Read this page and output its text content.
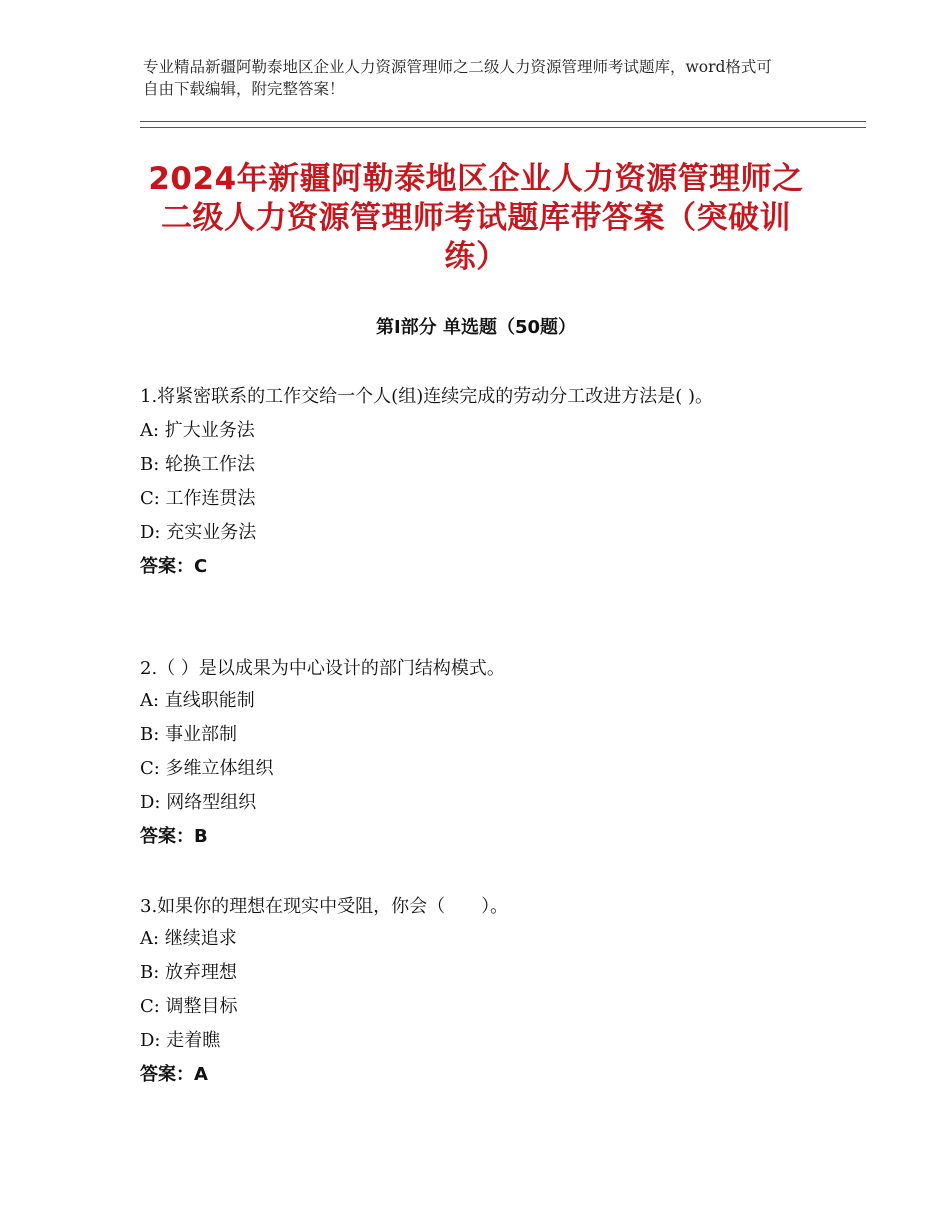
专业精品新疆阿勒泰地区企业人力资源管理师之二级人力资源管理师考试题库，word格式可自由下载编辑，附完整答案！
2024年新疆阿勒泰地区企业人力资源管理师之二级人力资源管理师考试题库带答案（突破训练）
第Ⅰ部分 单选题（50题）

1.将紧密联系的工作交给一个人(组)连续完成的劳动分工改进方法是( )。

A: 扩大业务法

B: 轮换工作法

C: 工作连贯法

D: 充实业务法

答案：C

2.（ ）是以成果为中心设计的部门结构模式。

A: 直线职能制

B: 事业部制

C: 多维立体组织

D: 网络型组织

答案：B

3.如果你的理想在现实中受阻，你会（　　）。

A: 继续追求

B: 放弃理想

C: 调整目标

D: 走着瞧

答案：A
